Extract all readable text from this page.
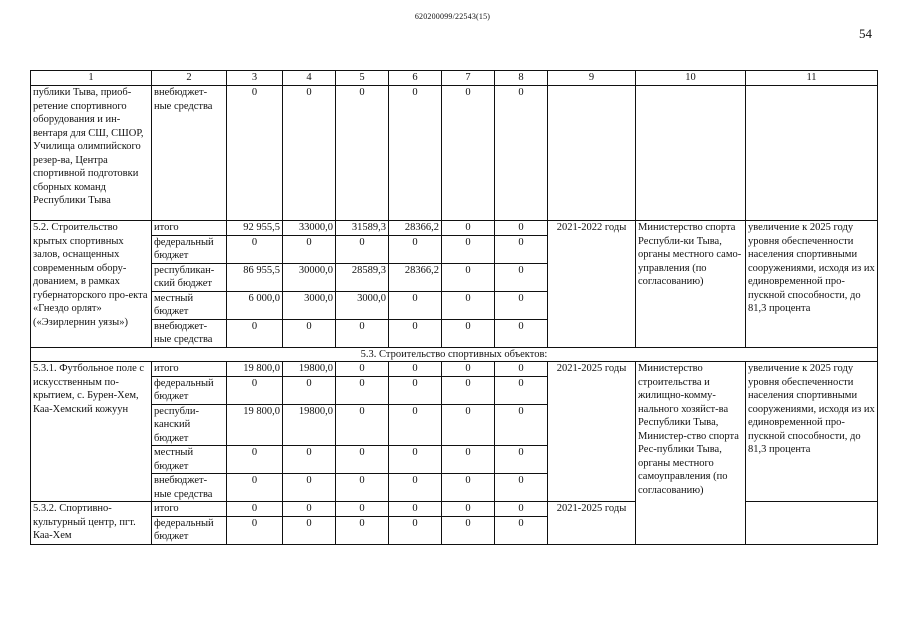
620200099/22543(15)
54
1	2	3	4	5	6	7	8	9	10	11
публики Тыва, приоб-ретение спортивного оборудования и ин-вентаря для СШ, СШОР, Училища олимпийского резер-ва, Центра спортивной подготовки сборных команд Республики Тыва	внебюджет-ные средства	0	0	0	0	0	0			
5.2. Строительство крытых спортивных залов, оснащенных современным обору-дованием, в рамках губернаторского про-екта «Гнездо орлят» («Эзирлернин уязы»)	итого	92 955,5	33000,0	31589,3	28366,2	0	0	2021-2022 годы	Министерство спорта Республи-ки Тыва, органы местного само-управления (по согласованию)	увеличение к 2025 году уровня обеспеченности населения спортивными сооружениями, исходя из их единовременной про-пускной способности, до 81,3 процента
	федеральный бюджет	0	0	0	0	0	0			
	республикан-ский бюджет	86 955,5	30000,0	28589,3	28366,2	0	0			
	местный бюджет	6 000,0	3000,0	3000,0	0	0	0			
	внебюджет-ные средства	0	0	0	0	0	0			
5.3. Строительство спортивных объектов:										
5.3.1. Футбольное поле с искусственным по-крытием, с. Бурен-Хем, Каа-Хемский кожуун	итого	19 800,0	19800,0	0	0	0	0	2021-2025 годы	Министерство строительства и жилищно-комму-нального хозяйст-ва Республики Тыва, Министер-ство спорта Рес-публики Тыва, органы местного самоуправления (по согласованию)	увеличение к 2025 году уровня обеспеченности населения спортивными сооружениями, исходя из их единовременной про-пускной способности, до 81,3 процента
	федеральный бюджет	0	0	0	0	0	0			
	республи-канский бюджет	19 800,0	19800,0	0	0	0	0			
	местный бюджет	0	0	0	0	0	0			
	внебюджет-ные средства	0	0	0	0	0	0			
5.3.2. Спортивно-культурный центр, пгт. Каа-Хем	итого	0	0	0	0	0	0	2021-2025 годы		
	федеральный бюджет	0	0	0	0	0	0			
